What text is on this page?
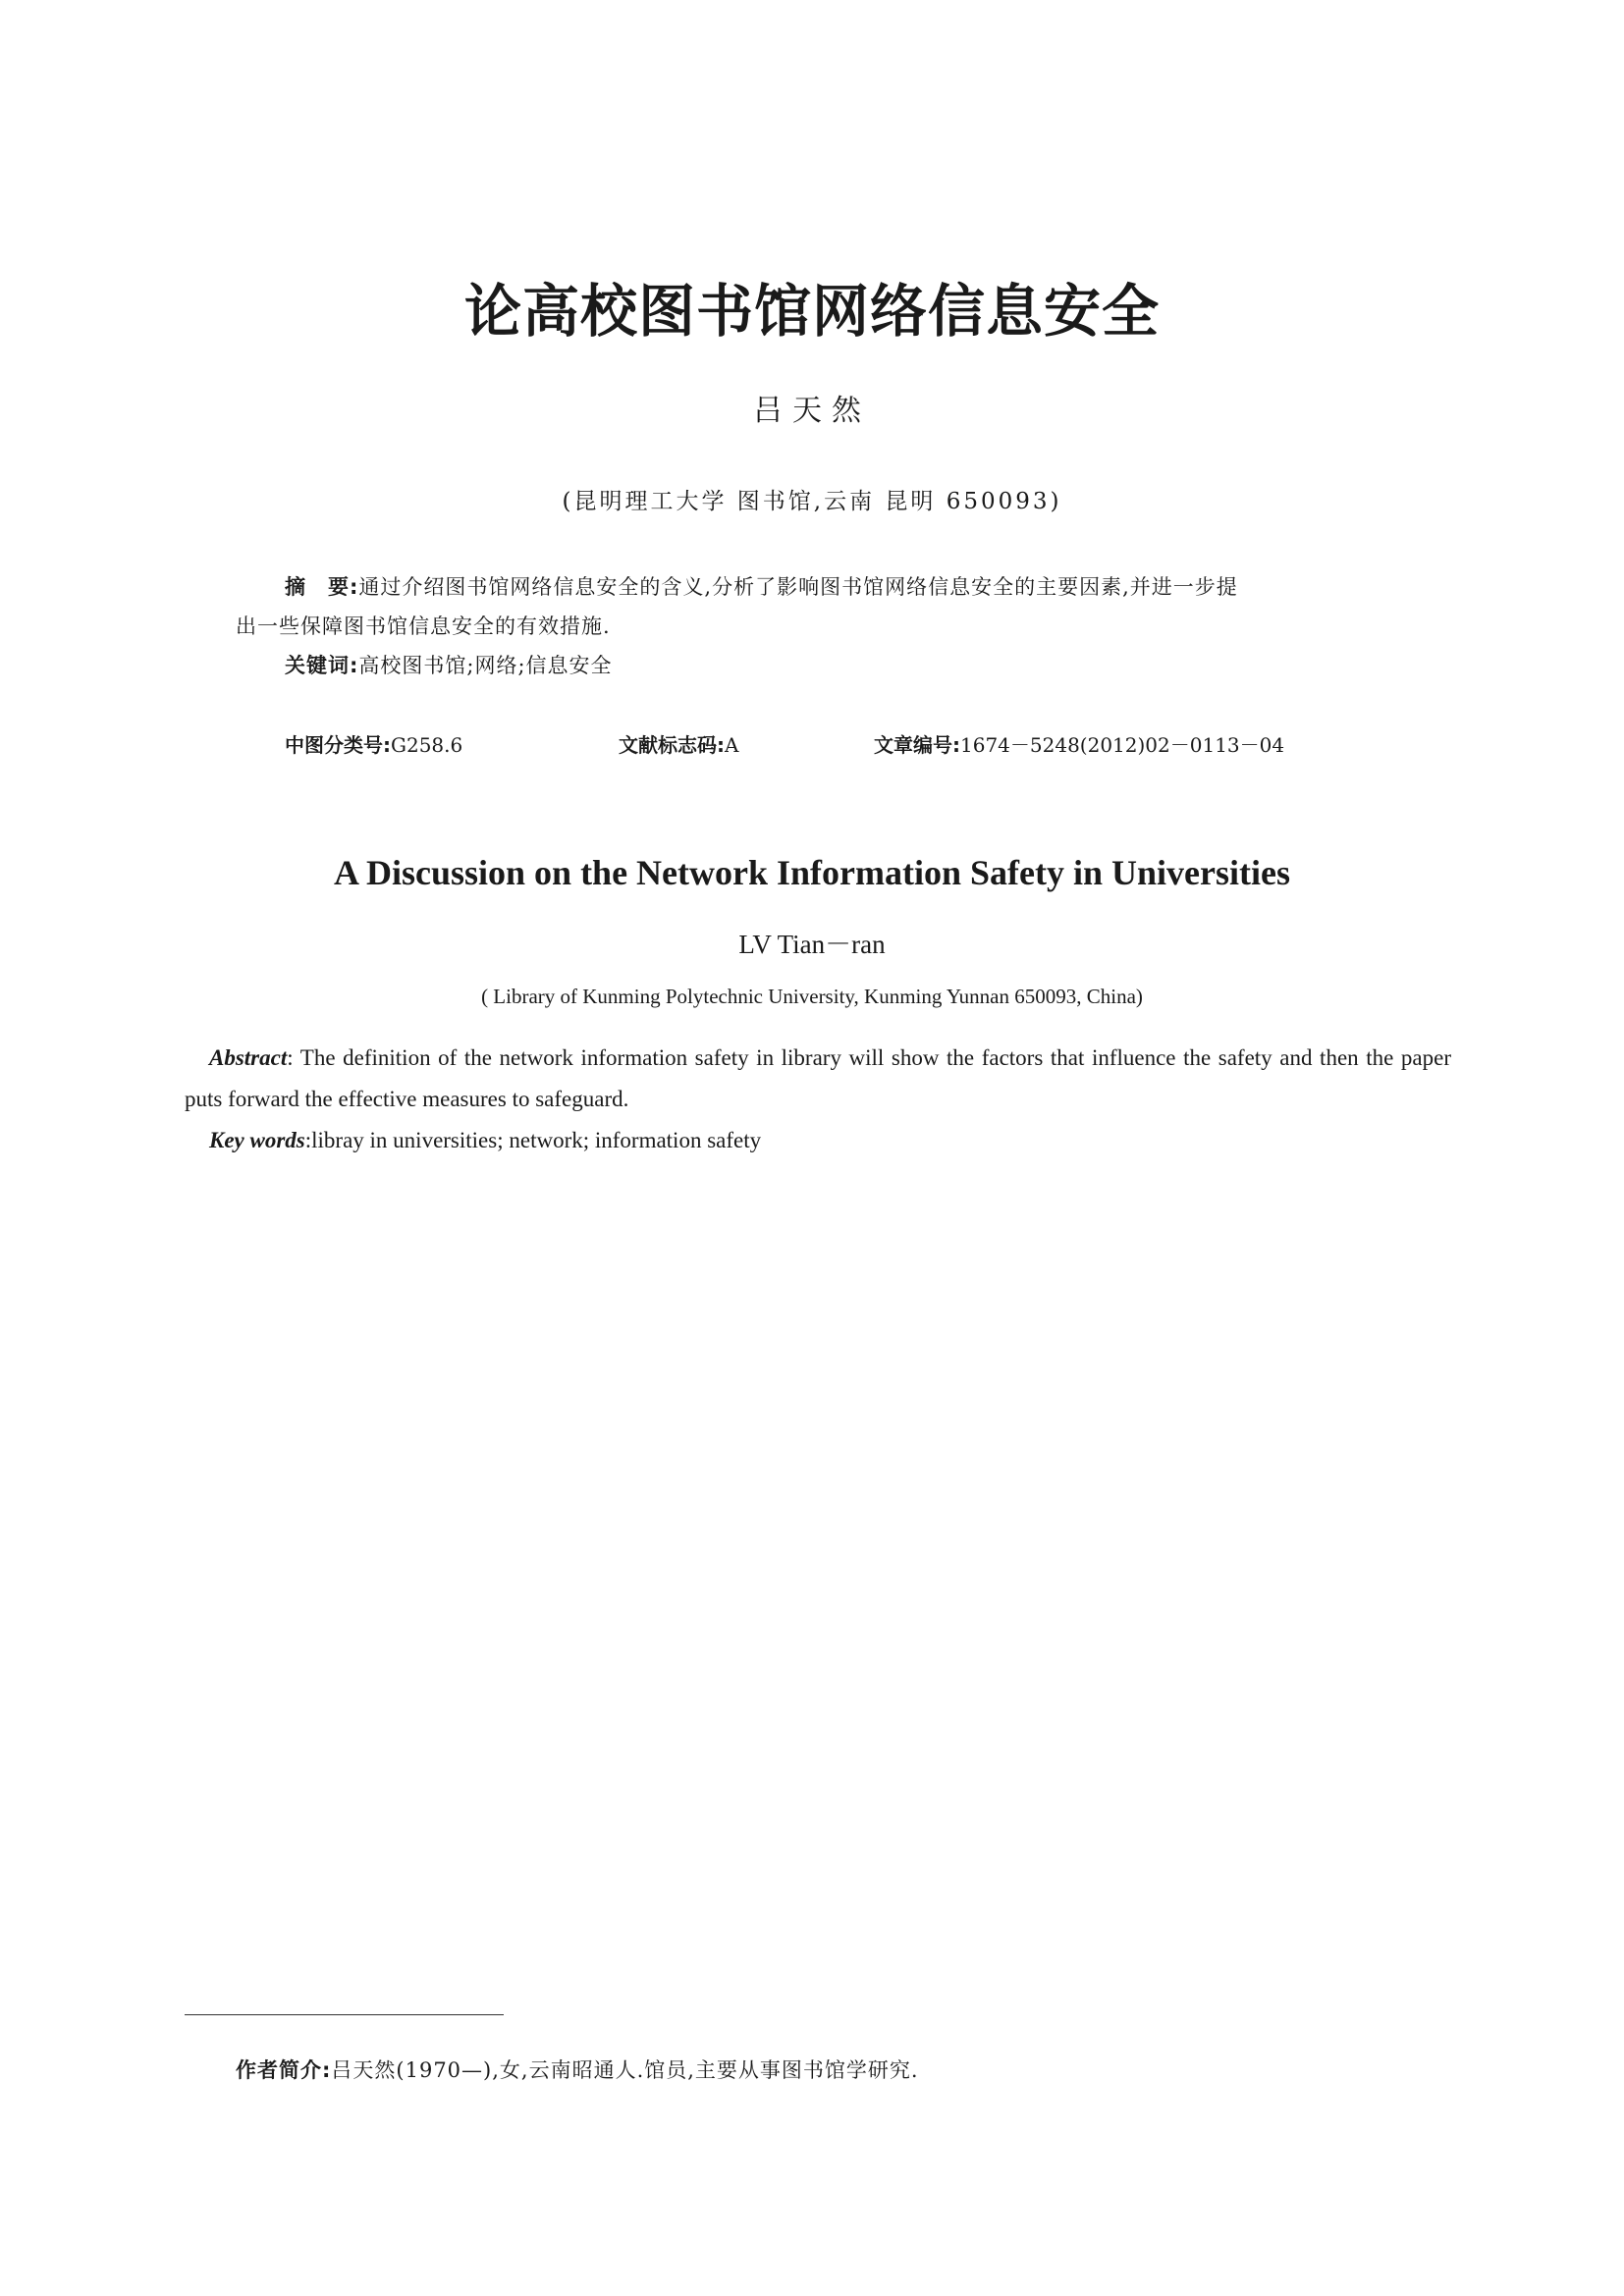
论高校图书馆网络信息安全
吕天然
(昆明理工大学 图书馆,云南 昆明 650093)
摘　要:通过介绍图书馆网络信息安全的含义,分析了影响图书馆网络信息安全的主要因素,并进一步提
出一些保障图书馆信息安全的有效措施.
关键词:高校图书馆;网络;信息安全
中图分类号:G258.6	文献标志码:A	文章编号:1674－5248(2012)02－0113－04
A Discussion on the Network Information Safety in Universities
LV Tian－ran
( Library of Kunming Polytechnic University, Kunming Yunnan 650093, China)
Abstract: The definition of the network information safety in library will show the factors that influence the safety and then the paper puts forward the effective measures to safeguard.
Key words:libray in universities; network; information safety
作者简介:吕天然(1970—),女,云南昭通人.馆员,主要从事图书馆学研究.
